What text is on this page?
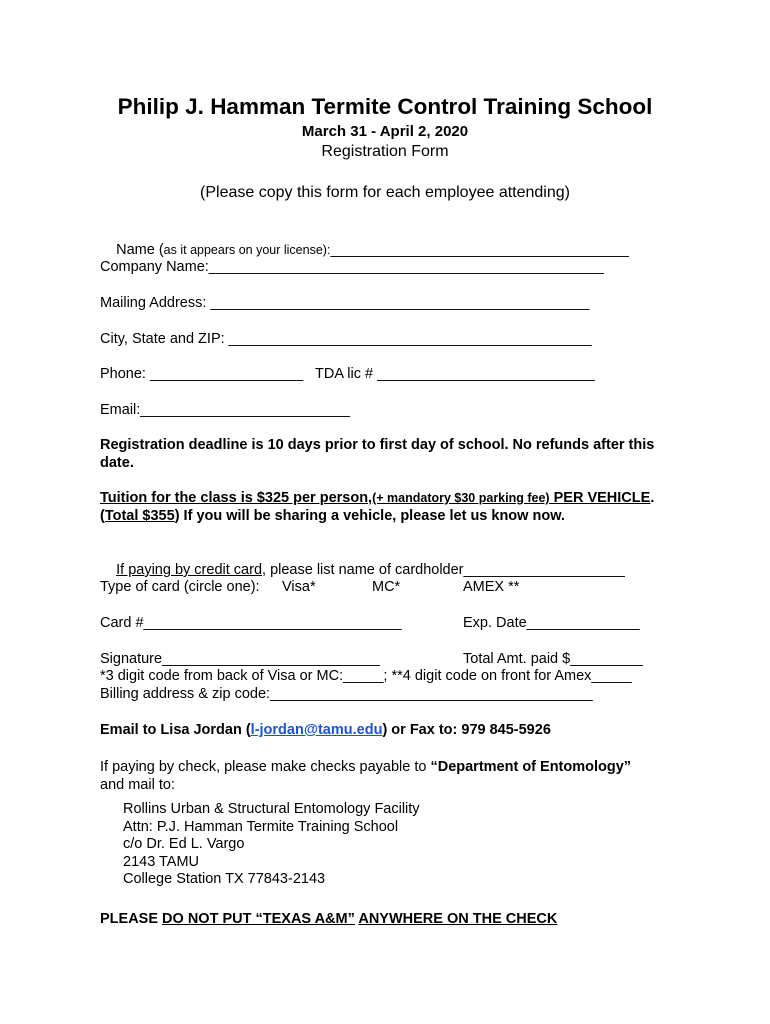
Philip J. Hamman Termite Control Training School
March 31 - April 2, 2020
Registration Form
(Please copy this form for each employee attending)

Name (as it appears on your license):_____________________________________

Company Name:_________________________________________________
Mailing Address: _______________________________________________
City, State and ZIP: _____________________________________________
Phone: ___________________   TDA lic # ___________________________
Email:__________________________
Registration deadline is 10 days prior to first day of school. No refunds after this date.
Tuition for the class is $325 per person,(+ mandatory $30 parking fee) PER VEHICLE. (Total $355) If you will be sharing a vehicle, please let us know now.

If paying by credit card, please list name of cardholder____________________

Type of card (circle one): Visa*	MC*	AMEX **
Card #________________________________	Exp. Date______________
Signature___________________________	Total Amt. paid $_________
*3 digit code from back of Visa or MC:_____; **4 digit code on front for Amex_____
Billing address & zip code:________________________________________
Email to Lisa Jordan (l-jordan@tamu.edu) or Fax to: 979 845-5926
If paying by check, please make checks payable to “Department of Entomology”
and mail to:
Rollins Urban & Structural Entomology Facility
Attn: P.J. Hamman Termite Training School
c/o Dr. Ed L. Vargo
2143 TAMU
College Station TX 77843-2143
PLEASE DO NOT PUT “TEXAS A&M” ANYWHERE ON THE CHECK
